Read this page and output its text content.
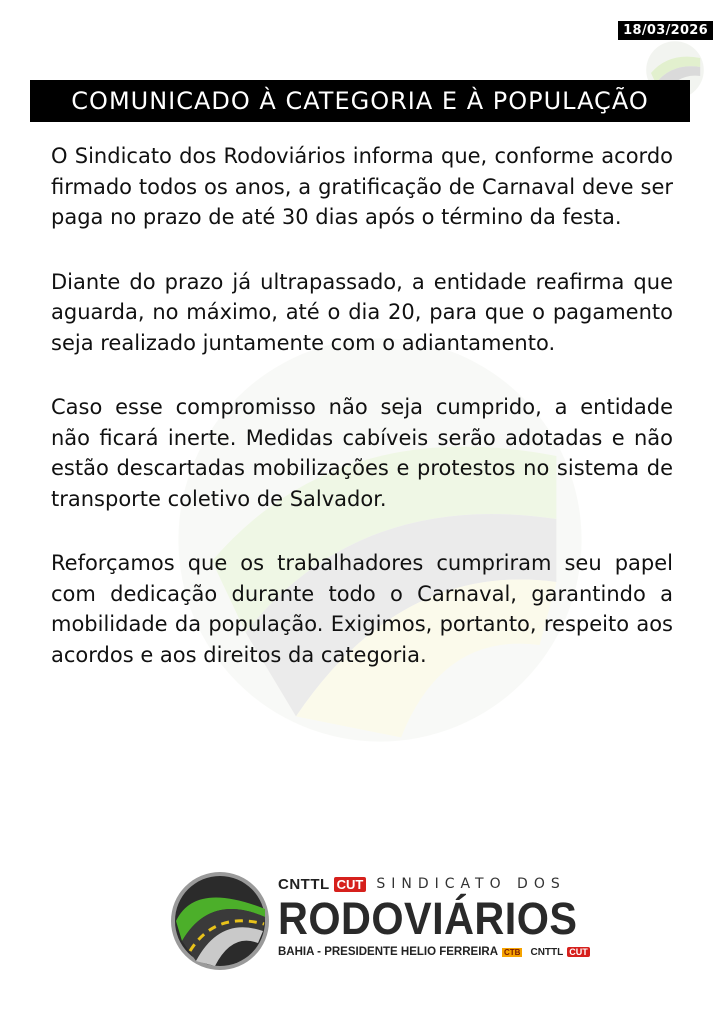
18/03/2026
COMUNICADO À CATEGORIA E À POPULAÇÃO

O Sindicato dos Rodoviários informa que, conforme acordo firmado todos os anos, a gratificação de Carnaval deve ser paga no prazo de até 30 dias após o término da festa.

Diante do prazo já ultrapassado, a entidade reafirma que aguarda, no máximo, até o dia 20, para que o pagamento seja realizado juntamente com o adiantamento.

Caso esse compromisso não seja cumprido, a entidade não ficará inerte. Medidas cabíveis serão adotadas e não estão descartadas mobilizações e protestos no sistema de transporte coletivo de Salvador.

Reforçamos que os trabalhadores cumpriram seu papel com dedicação durante todo o Carnaval, garantindo a mobilidade da população. Exigimos, portanto, respeito aos acordos e aos direitos da categoria.

CNTTL CUT SINDICATO DOS
RODOVIÁRIOS
BAHIA - PRESIDENTE HELIO FERREIRA CTB CNTTL CUT
